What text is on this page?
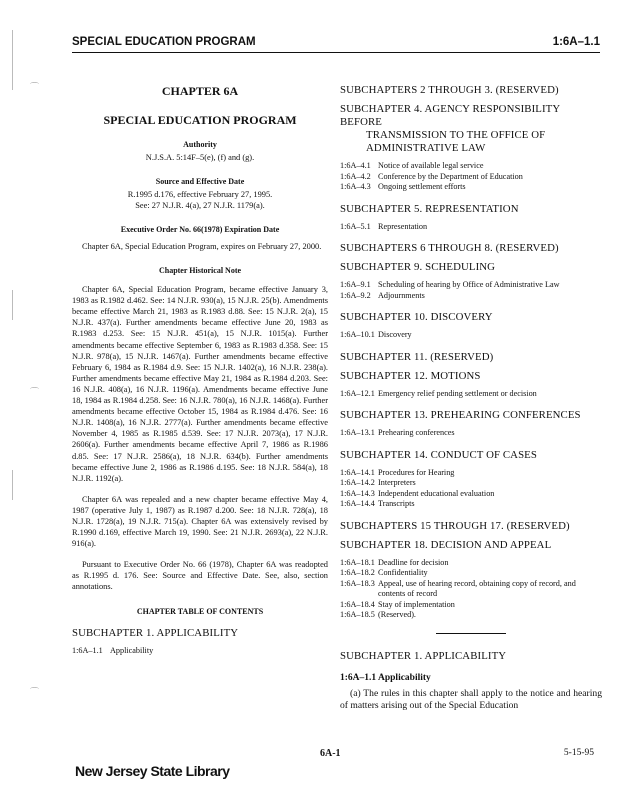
⌒
⌒
⌒
SPECIAL EDUCATION PROGRAM	1:6A–1.1
CHAPTER 6A
SPECIAL EDUCATION PROGRAM
Authority
N.J.S.A. 5:14F–5(e), (f) and (g).
Source and Effective Date
R.1995 d.176, effective February 27, 1995.
See: 27 N.J.R. 4(a), 27 N.J.R. 1179(a).
Executive Order No. 66(1978) Expiration Date
Chapter 6A, Special Education Program, expires on February 27, 2000.
Chapter Historical Note
Chapter 6A, Special Education Program, became effective January 3, 1983 as R.1982 d.462. See: 14 N.J.R. 930(a), 15 N.J.R. 25(b). Amendments became effective March 21, 1983 as R.1983 d.88. See: 15 N.J.R. 2(a), 15 N.J.R. 437(a). Further amendments became effective June 20, 1983 as R.1983 d.253. See: 15 N.J.R. 451(a), 15 N.J.R. 1015(a). Further amendments became effective September 6, 1983 as R.1983 d.358. See: 15 N.J.R. 978(a), 15 N.J.R. 1467(a). Further amendments became effective February 6, 1984 as R.1984 d.9. See: 15 N.J.R. 1402(a), 16 N.J.R. 238(a). Further amendments became effective May 21, 1984 as R.1984 d.203. See: 16 N.J.R. 408(a), 16 N.J.R. 1196(a). Amendments became effective June 18, 1984 as R.1984 d.258. See: 16 N.J.R. 780(a), 16 N.J.R. 1468(a). Further amendments became effective October 15, 1984 as R.1984 d.476. See: 16 N.J.R. 1408(a), 16 N.J.R. 2777(a). Further amendments became effective November 4, 1985 as R.1985 d.539. See: 17 N.J.R. 2073(a), 17 N.J.R. 2606(a). Further amendments became effective April 7, 1986 as R.1986 d.85. See: 17 N.J.R. 2586(a), 18 N.J.R. 634(b). Further amendments became effective June 2, 1986 as R.1986 d.195. See: 18 N.J.R. 584(a), 18 N.J.R. 1192(a).
Chapter 6A was repealed and a new chapter became effective May 4, 1987 (operative July 1, 1987) as R.1987 d.200. See: 18 N.J.R. 728(a), 18 N.J.R. 1728(a), 19 N.J.R. 715(a). Chapter 6A was extensively revised by R.1990 d.169, effective March 19, 1990. See: 21 N.J.R. 2693(a), 22 N.J.R. 916(a).
Pursuant to Executive Order No. 66 (1978), Chapter 6A was readopted as R.1995 d. 176. See: Source and Effective Date. See, also, section annotations.
CHAPTER TABLE OF CONTENTS
SUBCHAPTER 1. APPLICABILITY
1:6A–1.1 Applicability
SUBCHAPTERS 2 THROUGH 3. (RESERVED)
SUBCHAPTER 4. AGENCY RESPONSIBILITY BEFORE
TRANSMISSION TO THE OFFICE OF
ADMINISTRATIVE LAW
1:6A–4.1 Notice of available legal service
1:6A–4.2 Conference by the Department of Education
1:6A–4.3 Ongoing settlement efforts
SUBCHAPTER 5. REPRESENTATION
1:6A–5.1 Representation
SUBCHAPTERS 6 THROUGH 8. (RESERVED)
SUBCHAPTER 9. SCHEDULING
1:6A–9.1 Scheduling of hearing by Office of Administrative Law
1:6A–9.2 Adjournments
SUBCHAPTER 10. DISCOVERY
1:6A–10.1 Discovery
SUBCHAPTER 11. (RESERVED)
SUBCHAPTER 12. MOTIONS
1:6A–12.1 Emergency relief pending settlement or decision
SUBCHAPTER 13. PREHEARING CONFERENCES
1:6A–13.1 Prehearing conferences
SUBCHAPTER 14. CONDUCT OF CASES
1:6A–14.1 Procedures for Hearing
1:6A–14.2 Interpreters
1:6A–14.3 Independent educational evaluation
1:6A–14.4 Transcripts
SUBCHAPTERS 15 THROUGH 17. (RESERVED)
SUBCHAPTER 18. DECISION AND APPEAL
1:6A–18.1 Deadline for decision
1:6A–18.2 Confidentiality
1:6A–18.3 Appeal, use of hearing record, obtaining copy of record, and contents of record
1:6A–18.4 Stay of implementation
1:6A–18.5 (Reserved).
SUBCHAPTER 1. APPLICABILITY
1:6A–1.1 Applicability
(a) The rules in this chapter shall apply to the notice and hearing of matters arising out of the Special Education
6A-1	5-15-95
New Jersey State Library
